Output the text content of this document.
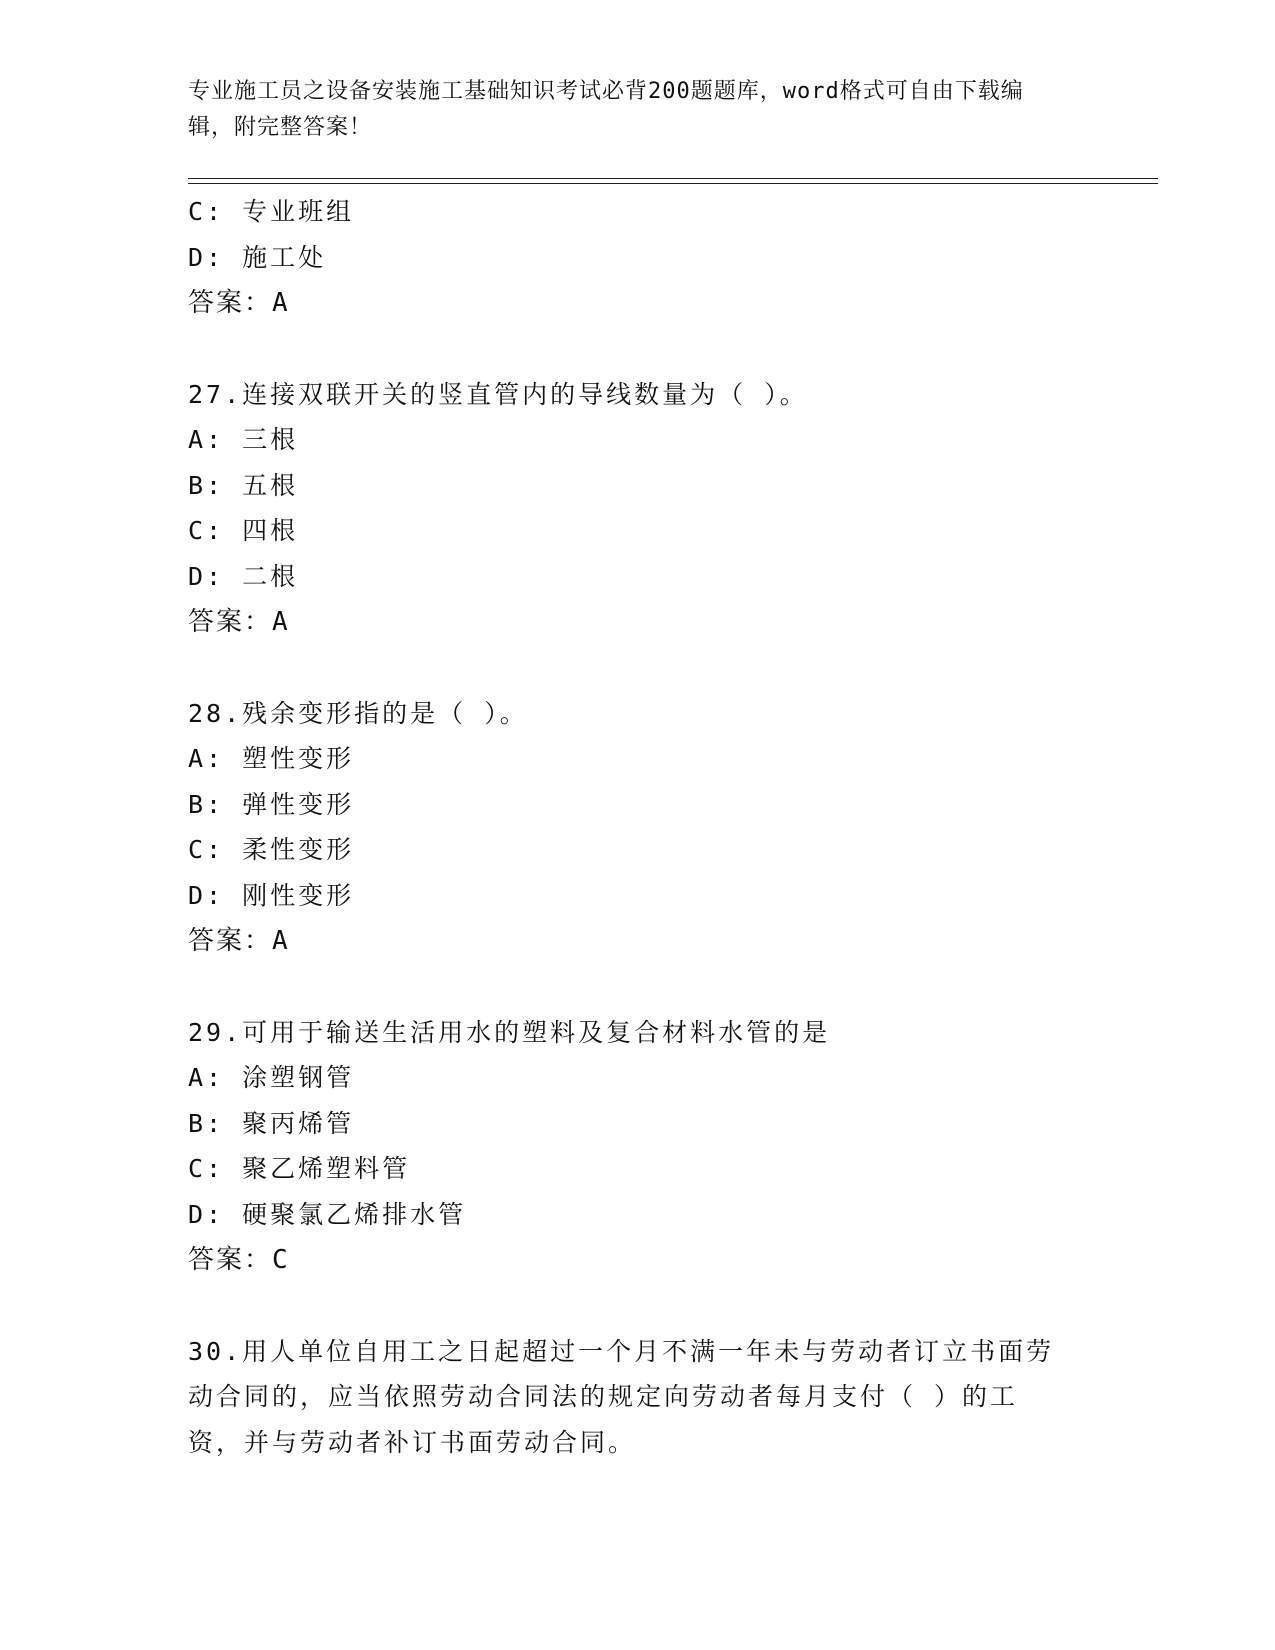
专业施工员之设备安装施工基础知识考试必背200题题库，word格式可自由下载编辑，附完整答案！
C: 专业班组
D: 施工处
答案：A
27.连接双联开关的竖直管内的导线数量为（ ）。
A: 三根
B: 五根
C: 四根
D: 二根
答案：A
28.残余变形指的是（ ）。
A: 塑性变形
B: 弹性变形
C: 柔性变形
D: 刚性变形
答案：A
29.可用于输送生活用水的塑料及复合材料水管的是
A: 涂塑钢管
B: 聚丙烯管
C: 聚乙烯塑料管
D: 硬聚氯乙烯排水管
答案：C
30.用人单位自用工之日起超过一个月不满一年未与劳动者订立书面劳动合同的，应当依照劳动合同法的规定向劳动者每月支付（ ）的工资，并与劳动者补订书面劳动合同。
